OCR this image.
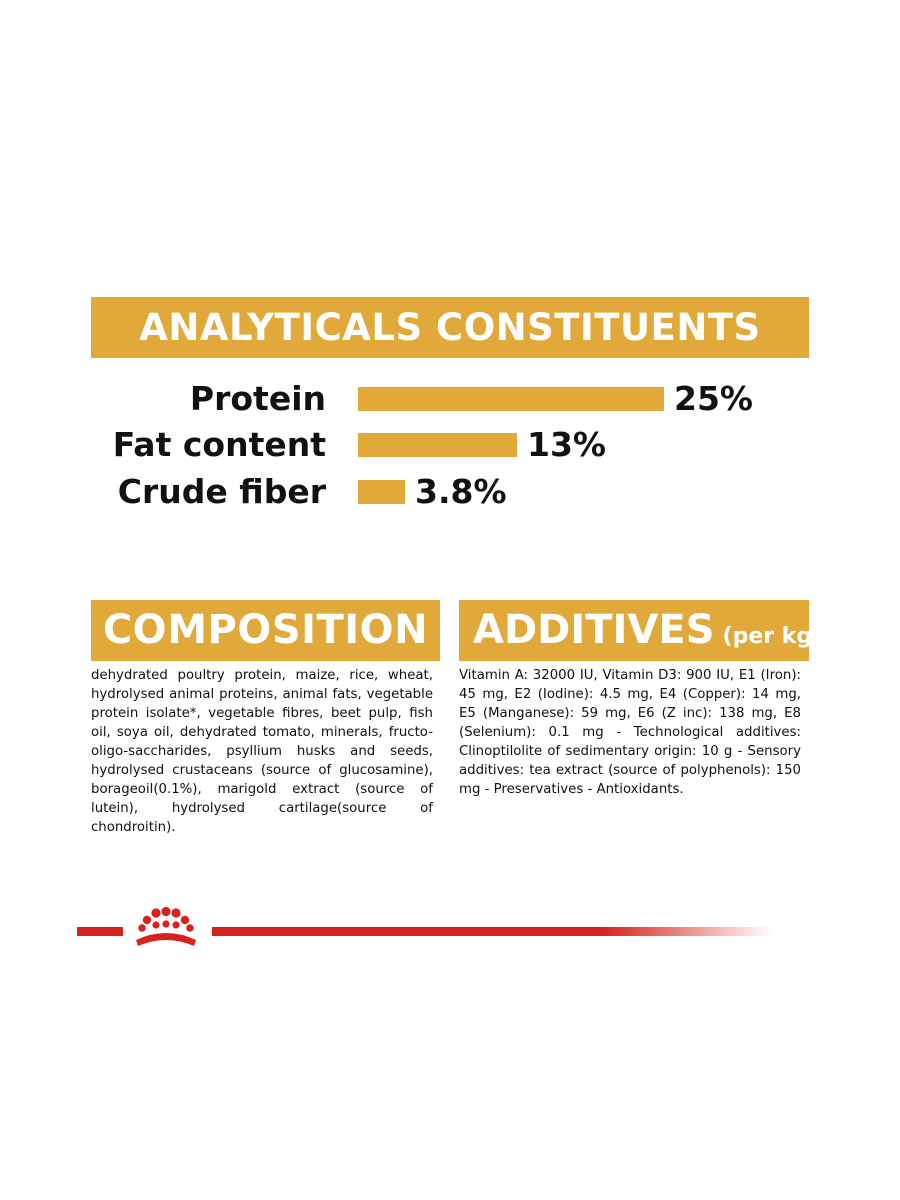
ANALYTICALS CONSTITUENTS
Protein	25%
Fat content	13%
Crude fiber	3.8%
COMPOSITION

dehydrated poultry protein, maize, rice, wheat, hydrolysed animal proteins, animal fats, vegetable protein isolate*, vegetable fibres, beet pulp, fish oil, soya oil, dehydrated tomato, minerals, fructo-oligo-saccharides, psyllium husks and seeds, hydrolysed crustaceans (source of glucosamine), borageoil(0.1%), marigold extract (source of lutein), hydrolysed cartilage(source of chondroitin).

ADDITIVES (per kg)

Vitamin A: 32000 IU, Vitamin D3: 900 IU, E1 (Iron): 45 mg, E2 (Iodine): 4.5 mg, E4 (Copper): 14 mg, E5 (Manganese): 59 mg, E6 (Z inc): 138 mg, E8 (Selenium): 0.1 mg - Technological additives: Clinoptilolite of sedimentary origin: 10 g - Sensory additives: tea extract (source of polyphenols): 150 mg - Preservatives - Antioxidants.
